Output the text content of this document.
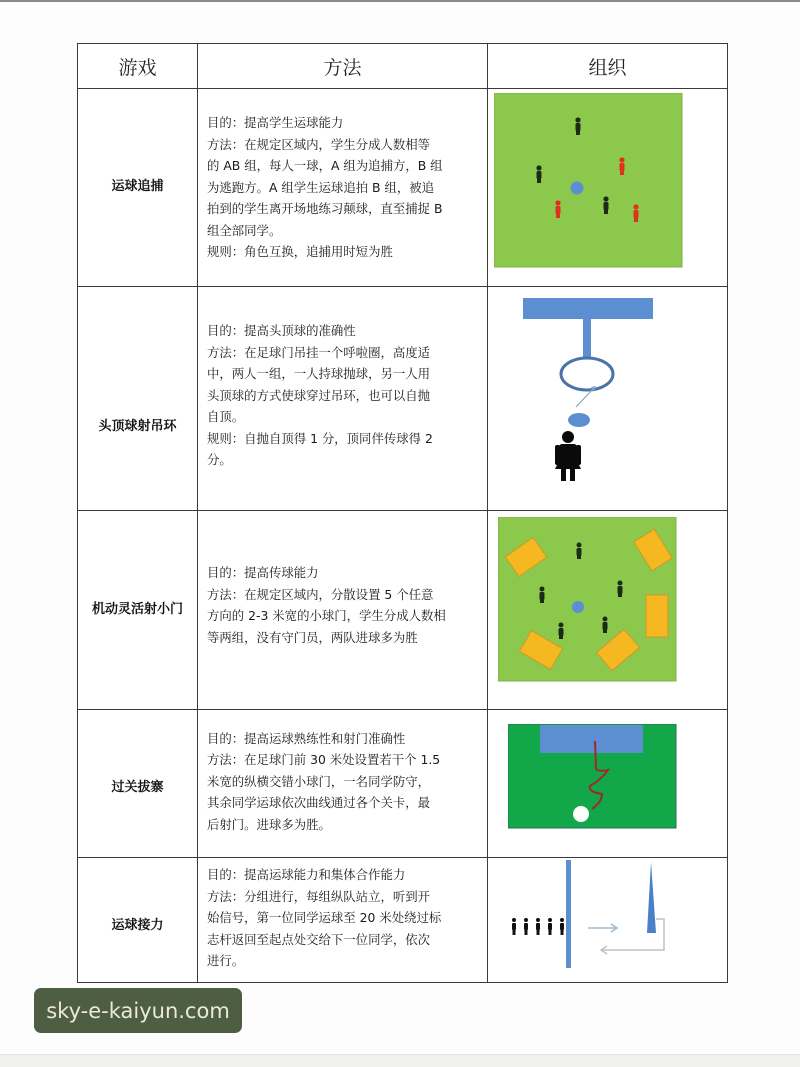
游戏	方法	组织
运球追捕
目的：提高学生运球能力
方法：在规定区域内，学生分成人数相等
的 AB 组，每人一球，A 组为追捕方，B 组
为逃跑方。A 组学生运球追拍 B 组，被追
拍到的学生离开场地练习颠球，直至捕捉 B
组全部同学。
规则：角色互换，追捕用时短为胜
头顶球射吊环
目的：提高头顶球的准确性
方法：在足球门吊挂一个呼啦圈，高度适
中，两人一组，一人持球抛球，另一人用
头顶球的方式使球穿过吊环，也可以自抛
自顶。
规则：自抛自顶得 1 分，顶同伴传球得 2
分。
机动灵活射小门
目的：提高传球能力
方法：在规定区域内，分散设置 5 个任意
方向的 2-3 米宽的小球门，学生分成人数相
等两组，没有守门员，两队进球多为胜
过关拔寨
目的：提高运球熟练性和射门准确性
方法：在足球门前 30 米处设置若干个 1.5
米宽的纵横交错小球门，一名同学防守，
其余同学运球依次曲线通过各个关卡，最
后射门。进球多为胜。
运球接力
目的：提高运球能力和集体合作能力
方法：分组进行，每组纵队站立，听到开
始信号，第一位同学运球至 20 米处绕过标
志杆返回至起点处交给下一位同学，依次
进行。
sky-e-kaiyun.com
